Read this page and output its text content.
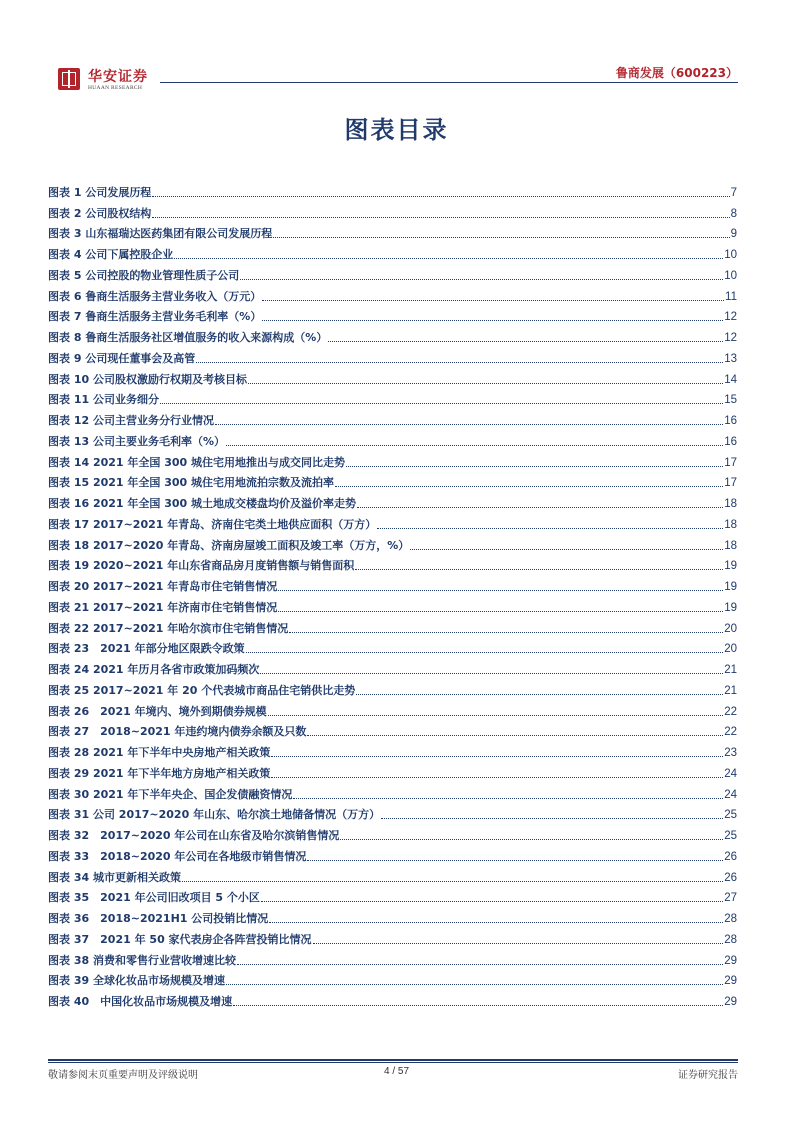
华安证券
HUAAN RESEARCH
鲁商发展（600223）
图表目录
图表 1 公司发展历程	7
图表 2 公司股权结构	8
图表 3 山东福瑞达医药集团有限公司发展历程	9
图表 4 公司下属控股企业	10
图表 5 公司控股的物业管理性质子公司	10
图表 6 鲁商生活服务主营业务收入（万元）	11
图表 7 鲁商生活服务主营业务毛利率（%）	12
图表 8 鲁商生活服务社区增值服务的收入来源构成（%）	12
图表 9 公司现任董事会及高管	13
图表 10 公司股权激励行权期及考核目标	14
图表 11 公司业务细分	15
图表 12 公司主营业务分行业情况	16
图表 13 公司主要业务毛利率（%）	16
图表 14 2021 年全国 300 城住宅用地推出与成交同比走势	17
图表 15 2021 年全国 300 城住宅用地流拍宗数及流拍率	17
图表 16 2021 年全国 300 城土地成交楼盘均价及溢价率走势	18
图表 17 2017~2021 年青岛、济南住宅类土地供应面积（万方）	18
图表 18 2017~2020 年青岛、济南房屋竣工面积及竣工率（万方，%）	18
图表 19 2020~2021 年山东省商品房月度销售额与销售面积	19
图表 20 2017~2021 年青岛市住宅销售情况	19
图表 21 2017~2021 年济南市住宅销售情况	19
图表 22 2017~2021 年哈尔滨市住宅销售情况	20
图表 23　2021 年部分地区限跌令政策	20
图表 24 2021 年历月各省市政策加码频次	21
图表 25 2017~2021 年 20 个代表城市商品住宅销供比走势	21
图表 26　2021 年境内、境外到期债券规模	22
图表 27　2018~2021 年违约境内债券余额及只数	22
图表 28 2021 年下半年中央房地产相关政策	23
图表 29 2021 年下半年地方房地产相关政策	24
图表 30 2021 年下半年央企、国企发债融资情况	24
图表 31 公司 2017~2020 年山东、哈尔滨土地储备情况（万方）	25
图表 32　2017~2020 年公司在山东省及哈尔滨销售情况	25
图表 33　2018~2020 年公司在各地级市销售情况	26
图表 34 城市更新相关政策	26
图表 35　2021 年公司旧改项目 5 个小区	27
图表 36　2018~2021H1 公司投销比情况	28
图表 37　2021 年 50 家代表房企各阵营投销比情况	28
图表 38 消费和零售行业营收增速比较	29
图表 39 全球化妆品市场规模及增速	29
图表 40　中国化妆品市场规模及增速	29
敬请参阅末页重要声明及评级说明	4 / 57	证券研究报告
